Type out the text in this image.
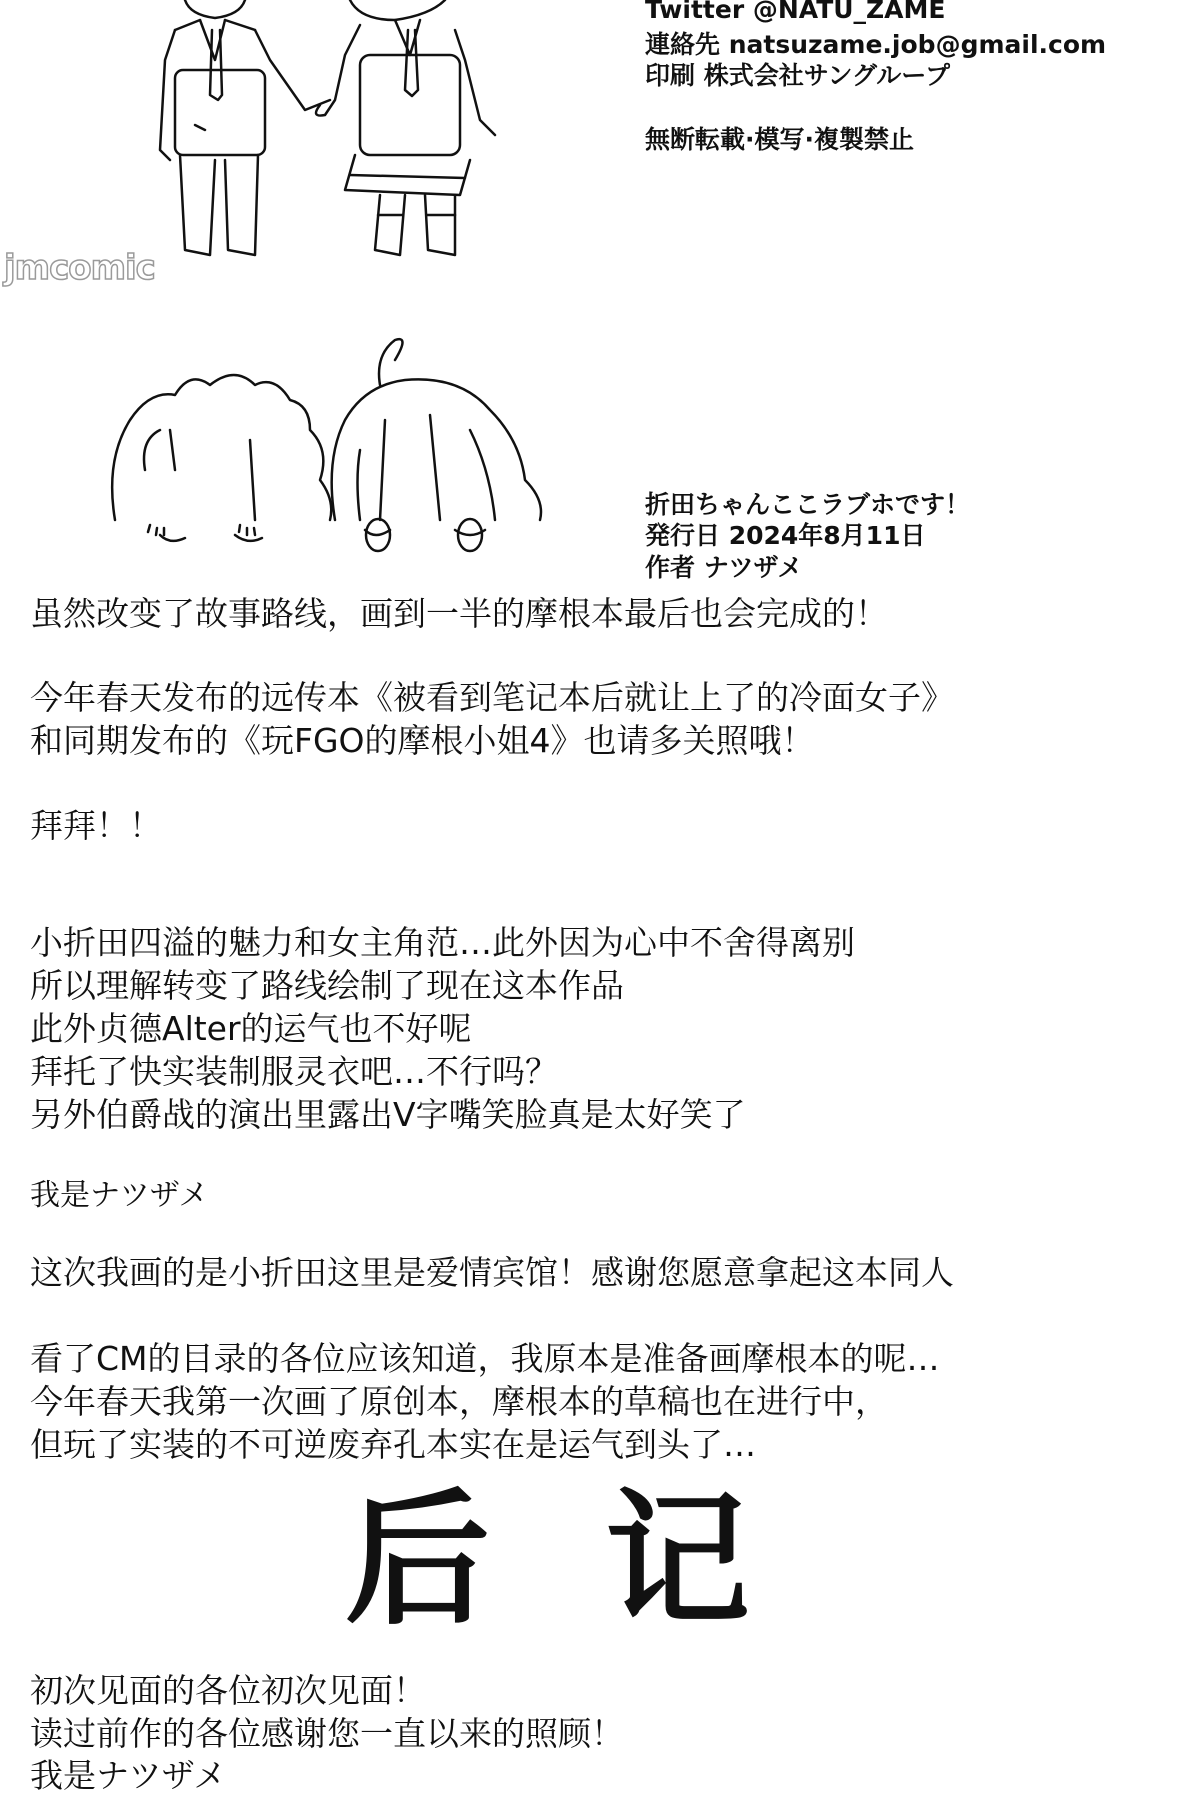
jmcomic
Twitter @NATU_ZAME
連絡先 natsuzame.job@gmail.com
印刷 株式会社サングループ
無断転載·模写·複製禁止
折田ちゃんここラブホです！
発行日 2024年8月11日
作者 ナツザメ
虽然改变了故事路线，画到一半的摩根本最后也会完成的！
今年春天发布的远传本《被看到笔记本后就让上了的冷面女子》
和同期发布的《玩FGO的摩根小姐4》也请多关照哦！
拜拜！！
小折田四溢的魅力和女主角范…此外因为心中不舍得离别
所以理解转变了路线绘制了现在这本作品
此外贞德Alter的运气也不好呢
拜托了快实装制服灵衣吧…不行吗？
另外伯爵战的演出里露出V字嘴笑脸真是太好笑了
我是ナツザメ
这次我画的是小折田这里是爱情宾馆！感谢您愿意拿起这本同人
看了CM的目录的各位应该知道，我原本是准备画摩根本的呢…
今年春天我第一次画了原创本，摩根本的草稿也在进行中，
但玩了实装的不可逆废弃孔本实在是运气到头了…
后 记
初次见面的各位初次见面！
读过前作的各位感谢您一直以来的照顾！
我是ナツザメ
